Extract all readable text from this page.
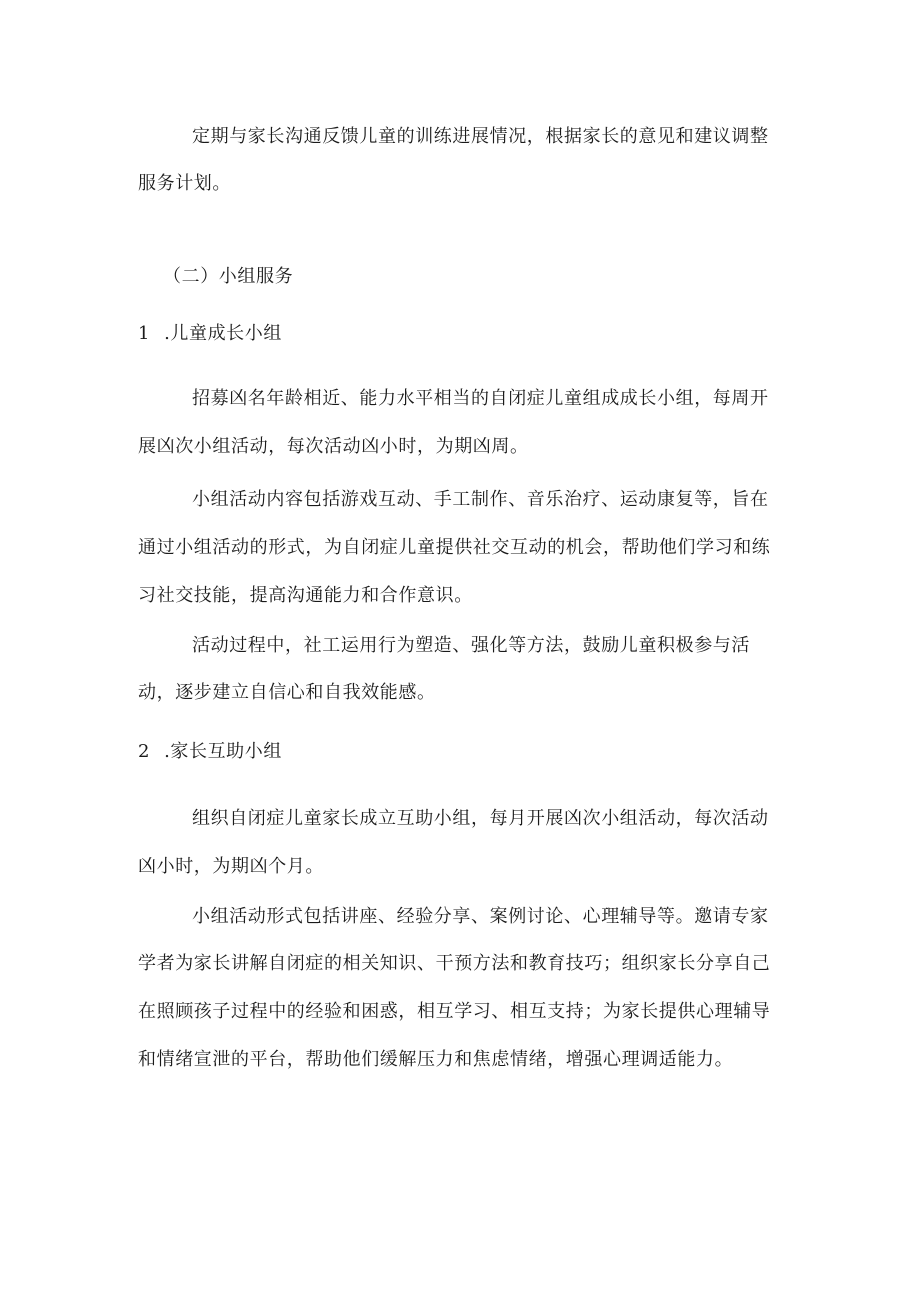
定期与家长沟通反馈儿童的训练进展情况，根据家长的意见和建议调整
服务计划。
（二）小组服务
1 .儿童成长小组
招募凶名年龄相近、能力水平相当的自闭症儿童组成成长小组，每周开
展凶次小组活动，每次活动凶小时，为期凶周。
小组活动内容包括游戏互动、手工制作、音乐治疗、运动康复等，旨在
通过小组活动的形式，为自闭症儿童提供社交互动的机会，帮助他们学习和练
习社交技能，提高沟通能力和合作意识。
活动过程中，社工运用行为塑造、强化等方法，鼓励儿童积极参与活
动，逐步建立自信心和自我效能感。
2 .家长互助小组
组织自闭症儿童家长成立互助小组，每月开展凶次小组活动，每次活动
凶小时，为期凶个月。
小组活动形式包括讲座、经验分享、案例讨论、心理辅导等。邀请专家
学者为家长讲解自闭症的相关知识、干预方法和教育技巧；组织家长分享自己
在照顾孩子过程中的经验和困惑，相互学习、相互支持；为家长提供心理辅导
和情绪宣泄的平台，帮助他们缓解压力和焦虑情绪，增强心理调适能力。
